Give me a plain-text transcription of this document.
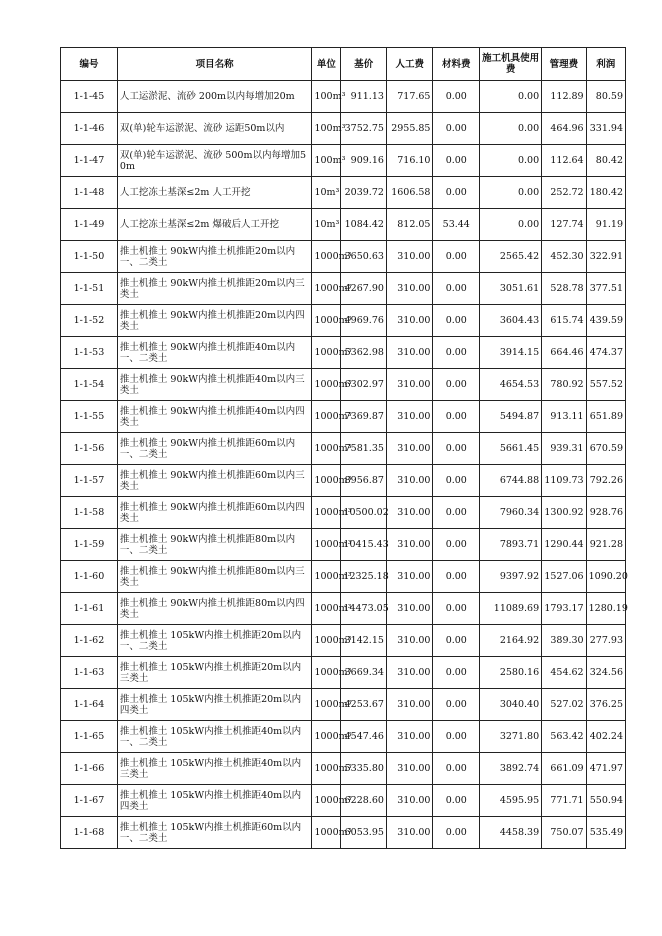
编号	项目名称	单位	基价	人工费	材料费	施工机具使用费	管理费	利润
1-1-45	人工运淤泥、流砂 200m以内每增加20m	100m³	911.13	717.65	0.00	0.00	112.89	80.59
1-1-46	双(单)轮车运淤泥、流砂 运距50m以内	100m³	3752.75	2955.85	0.00	0.00	464.96	331.94
1-1-47	双(单)轮车运淤泥、流砂 500m以内每增加50m	100m³	909.16	716.10	0.00	0.00	112.64	80.42
1-1-48	人工挖冻土基深≤2m 人工开挖	10m³	2039.72	1606.58	0.00	0.00	252.72	180.42
1-1-49	人工挖冻土基深≤2m 爆破后人工开挖	10m³	1084.42	812.05	53.44	0.00	127.74	91.19
1-1-50	推土机推土 90kW内推土机推距20m以内一、二类土	1000m³	3650.63	310.00	0.00	2565.42	452.30	322.91
1-1-51	推土机推土 90kW内推土机推距20m以内三类土	1000m³	4267.90	310.00	0.00	3051.61	528.78	377.51
1-1-52	推土机推土 90kW内推土机推距20m以内四类土	1000m³	4969.76	310.00	0.00	3604.43	615.74	439.59
1-1-53	推土机推土 90kW内推土机推距40m以内一、二类土	1000m³	5362.98	310.00	0.00	3914.15	664.46	474.37
1-1-54	推土机推土 90kW内推土机推距40m以内三类土	1000m³	6302.97	310.00	0.00	4654.53	780.92	557.52
1-1-55	推土机推土 90kW内推土机推距40m以内四类土	1000m³	7369.87	310.00	0.00	5494.87	913.11	651.89
1-1-56	推土机推土 90kW内推土机推距60m以内一、二类土	1000m³	7581.35	310.00	0.00	5661.45	939.31	670.59
1-1-57	推土机推土 90kW内推土机推距60m以内三类土	1000m³	8956.87	310.00	0.00	6744.88	1109.73	792.26
1-1-58	推土机推土 90kW内推土机推距60m以内四类土	1000m³	10500.02	310.00	0.00	7960.34	1300.92	928.76
1-1-59	推土机推土 90kW内推土机推距80m以内一、二类土	1000m³	10415.43	310.00	0.00	7893.71	1290.44	921.28
1-1-60	推土机推土 90kW内推土机推距80m以内三类土	1000m³	12325.18	310.00	0.00	9397.92	1527.06	1090.20
1-1-61	推土机推土 90kW内推土机推距80m以内四类土	1000m³	14473.05	310.00	0.00	11089.69	1793.17	1280.19
1-1-62	推土机推土 105kW内推土机推距20m以内一、二类土	1000m³	3142.15	310.00	0.00	2164.92	389.30	277.93
1-1-63	推土机推土 105kW内推土机推距20m以内三类土	1000m³	3669.34	310.00	0.00	2580.16	454.62	324.56
1-1-64	推土机推土 105kW内推土机推距20m以内四类土	1000m³	4253.67	310.00	0.00	3040.40	527.02	376.25
1-1-65	推土机推土 105kW内推土机推距40m以内一、二类土	1000m³	4547.46	310.00	0.00	3271.80	563.42	402.24
1-1-66	推土机推土 105kW内推土机推距40m以内三类土	1000m³	5335.80	310.00	0.00	3892.74	661.09	471.97
1-1-67	推土机推土 105kW内推土机推距40m以内四类土	1000m³	6228.60	310.00	0.00	4595.95	771.71	550.94
1-1-68	推土机推土 105kW内推土机推距60m以内一、二类土	1000m³	6053.95	310.00	0.00	4458.39	750.07	535.49
